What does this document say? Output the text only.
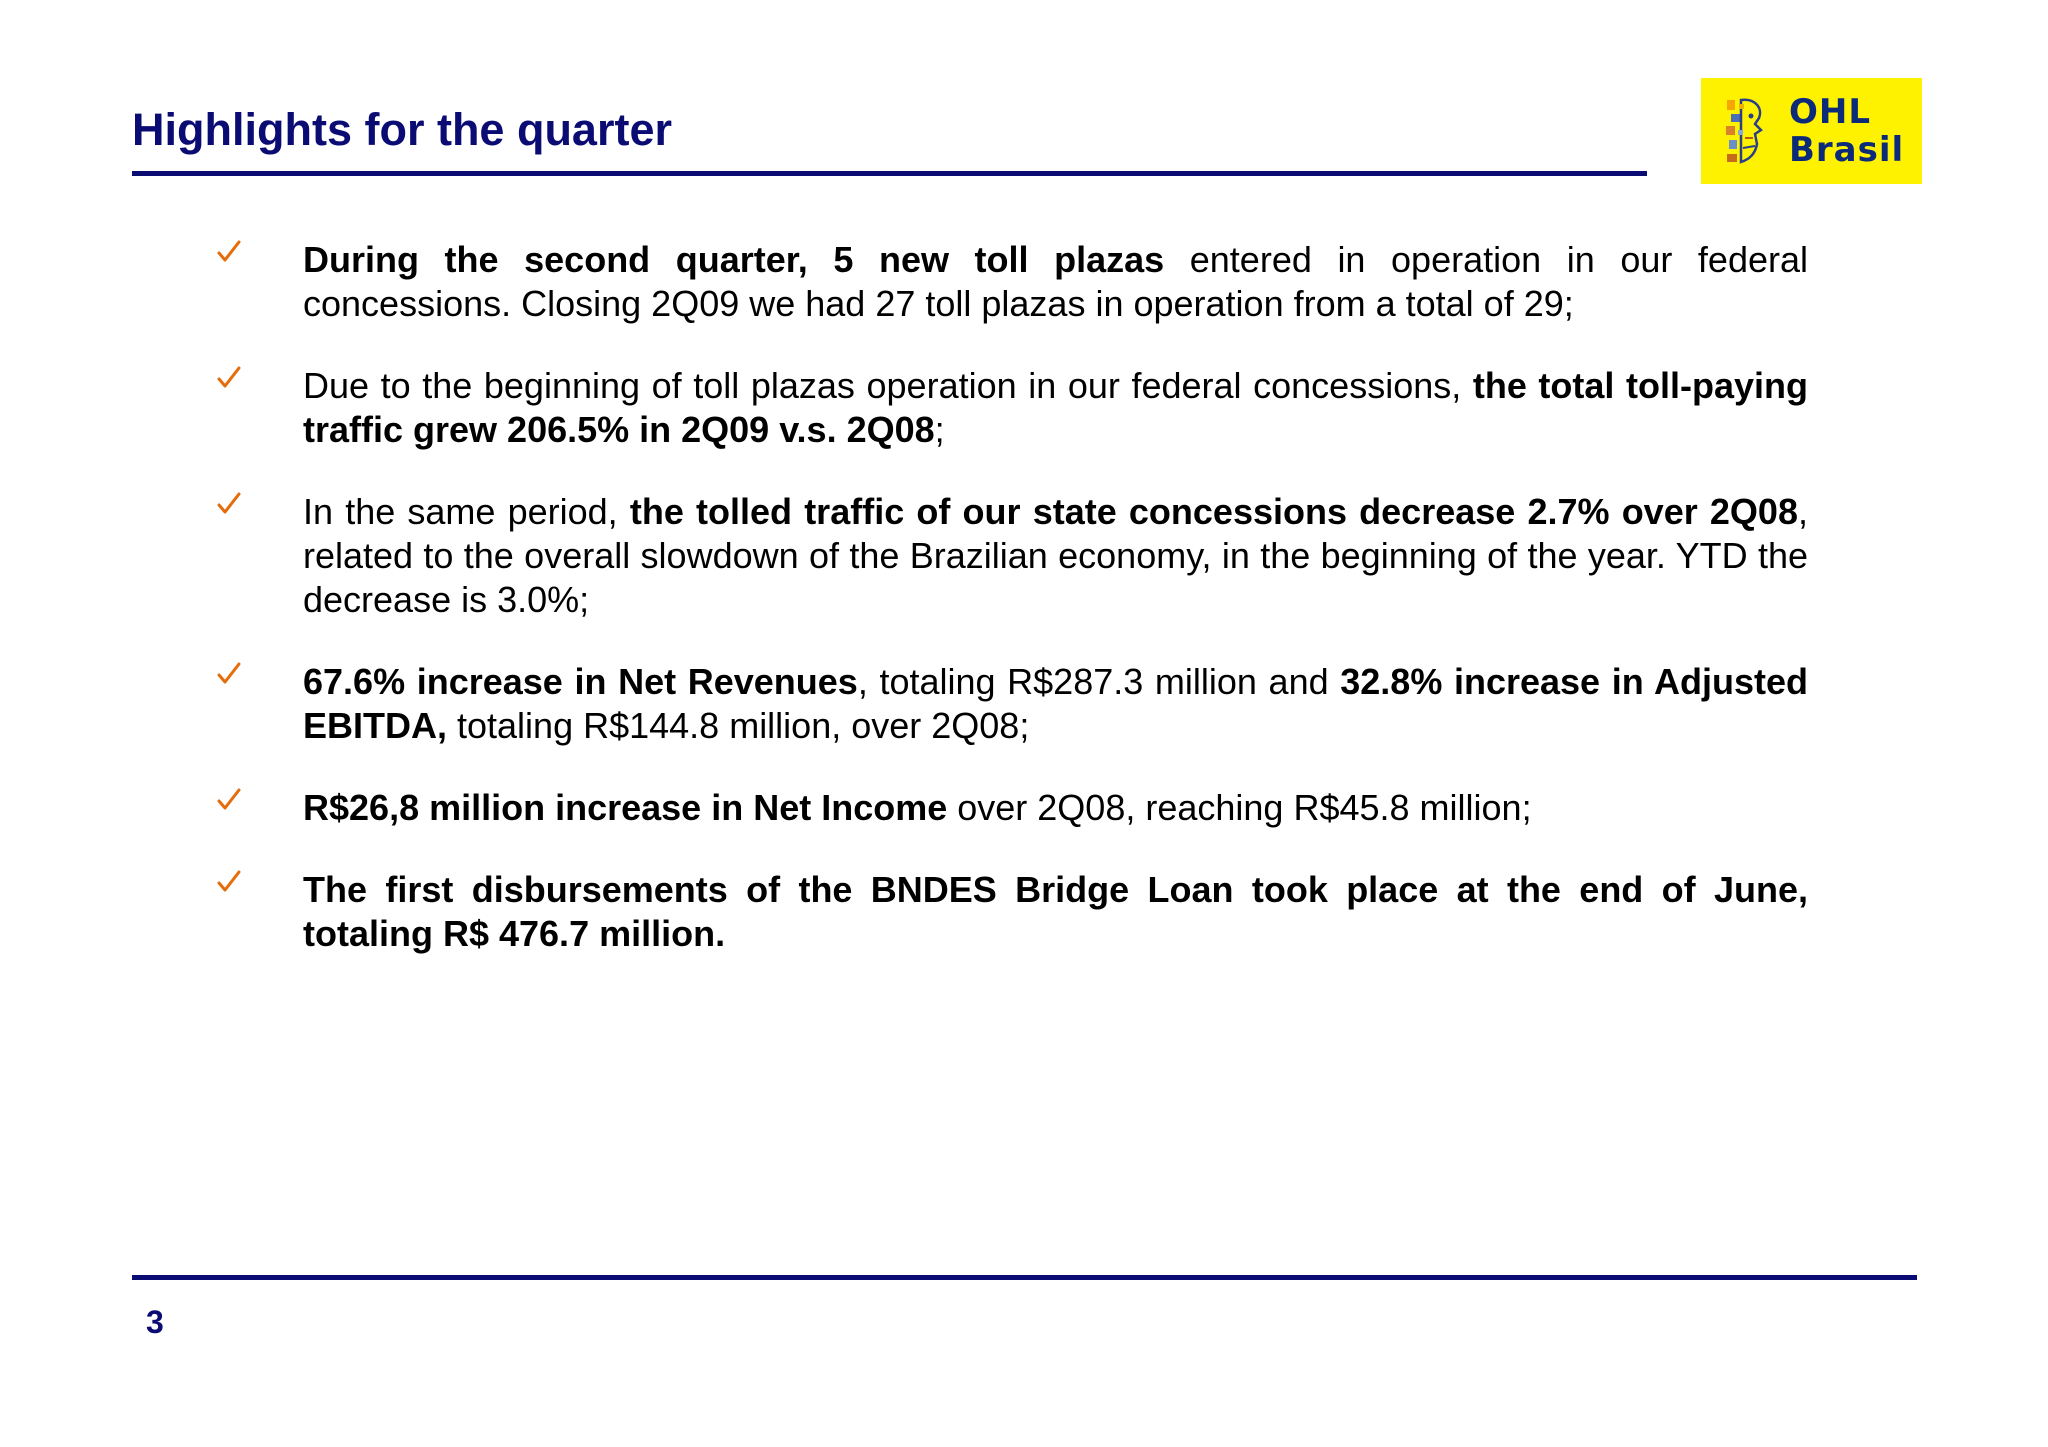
Highlights for the quarter	OHL
Brasil

During the second quarter, 5 new toll plazas entered in operation in our federal concessions. Closing 2Q09 we had 27 toll plazas in operation from a total of 29;

Due to the beginning of toll plazas operation in our federal concessions, the total toll-paying traffic grew 206.5% in 2Q09 v.s. 2Q08;

In the same period, the tolled traffic of our state concessions decrease 2.7% over 2Q08, related to the overall slowdown of the Brazilian economy, in the beginning of the year. YTD the decrease is 3.0%;

67.6% increase in Net Revenues, totaling R$287.3 million and 32.8% increase in Adjusted EBITDA, totaling R$144.8 million, over 2Q08;

R$26,8 million increase in Net Income over 2Q08, reaching R$45.8 million;

The first disbursements of the BNDES Bridge Loan took place at the end of June, totaling R$ 476.7 million.

3
